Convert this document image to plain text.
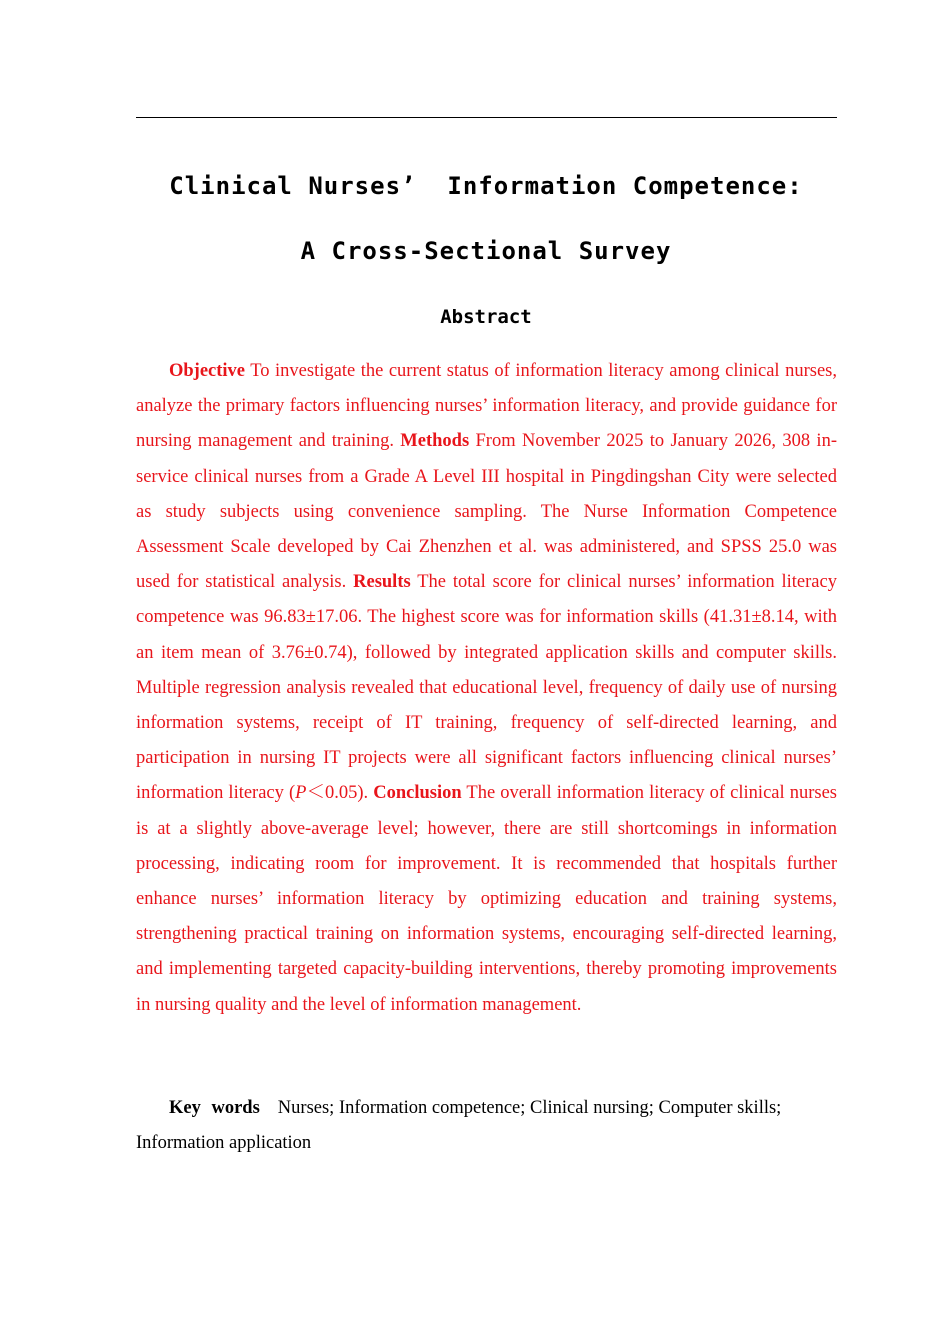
Clinical Nurses’  Information Competence:
A Cross-Sectional Survey
Abstract

Objective To investigate the current status of information literacy among clinical nurses, analyze the primary factors influencing nurses’ information literacy, and provide guidance for nursing management and training. Methods From November 2025 to January 2026, 308 in-service clinical nurses from a Grade A Level III hospital in Pingdingshan City were selected as study subjects using convenience sampling. The Nurse Information Competence Assessment Scale developed by Cai Zhenzhen et al. was administered, and SPSS 25.0 was used for statistical analysis. Results The total score for clinical nurses’ information literacy competence was 96.83±17.06. The highest score was for information skills (41.31±8.14, with an item mean of 3.76±0.74), followed by integrated application skills and computer skills. Multiple regression analysis revealed that educational level, frequency of daily use of nursing information systems, receipt of IT training, frequency of self-directed learning, and participation in nursing IT projects were all significant factors influencing clinical nurses’ information literacy (P＜0.05). Conclusion The overall information literacy of clinical nurses is at a slightly above-average level; however, there are still shortcomings in information processing, indicating room for improvement. It is recommended that hospitals further enhance nurses’ information literacy by optimizing education and training systems, strengthening practical training on information systems, encouraging self-directed learning, and implementing targeted capacity-building interventions, thereby promoting improvements in nursing quality and the level of information management.

Key words Nurses; Information competence; Clinical nursing; Computer skills; Information application
